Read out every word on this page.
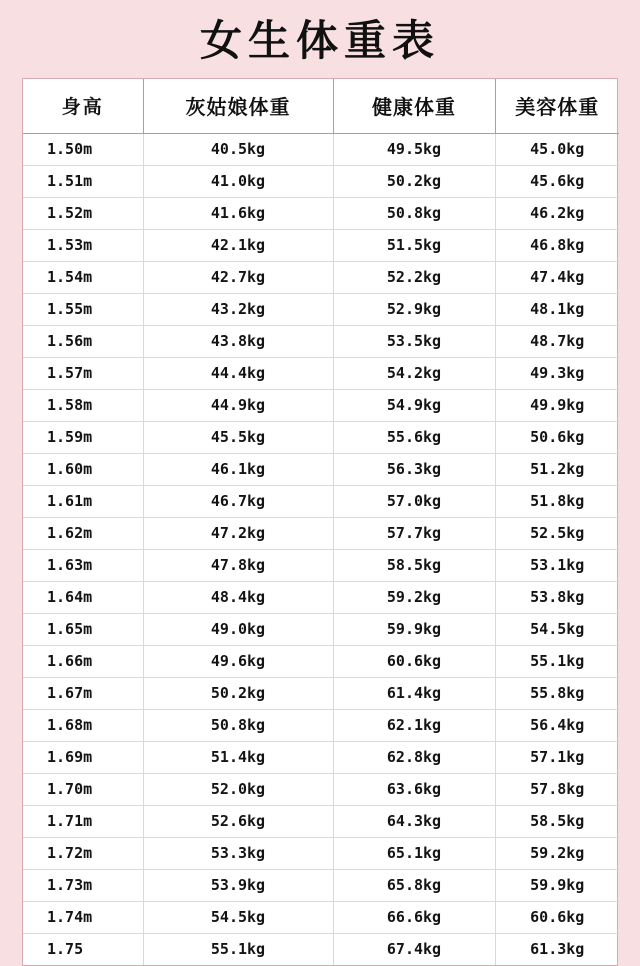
女生体重表
身高	灰姑娘体重	健康体重	美容体重
1.50m	40.5kg	49.5kg	45.0kg
1.51m	41.0kg	50.2kg	45.6kg
1.52m	41.6kg	50.8kg	46.2kg
1.53m	42.1kg	51.5kg	46.8kg
1.54m	42.7kg	52.2kg	47.4kg
1.55m	43.2kg	52.9kg	48.1kg
1.56m	43.8kg	53.5kg	48.7kg
1.57m	44.4kg	54.2kg	49.3kg
1.58m	44.9kg	54.9kg	49.9kg
1.59m	45.5kg	55.6kg	50.6kg
1.60m	46.1kg	56.3kg	51.2kg
1.61m	46.7kg	57.0kg	51.8kg
1.62m	47.2kg	57.7kg	52.5kg
1.63m	47.8kg	58.5kg	53.1kg
1.64m	48.4kg	59.2kg	53.8kg
1.65m	49.0kg	59.9kg	54.5kg
1.66m	49.6kg	60.6kg	55.1kg
1.67m	50.2kg	61.4kg	55.8kg
1.68m	50.8kg	62.1kg	56.4kg
1.69m	51.4kg	62.8kg	57.1kg
1.70m	52.0kg	63.6kg	57.8kg
1.71m	52.6kg	64.3kg	58.5kg
1.72m	53.3kg	65.1kg	59.2kg
1.73m	53.9kg	65.8kg	59.9kg
1.74m	54.5kg	66.6kg	60.6kg
1.75	55.1kg	67.4kg	61.3kg
